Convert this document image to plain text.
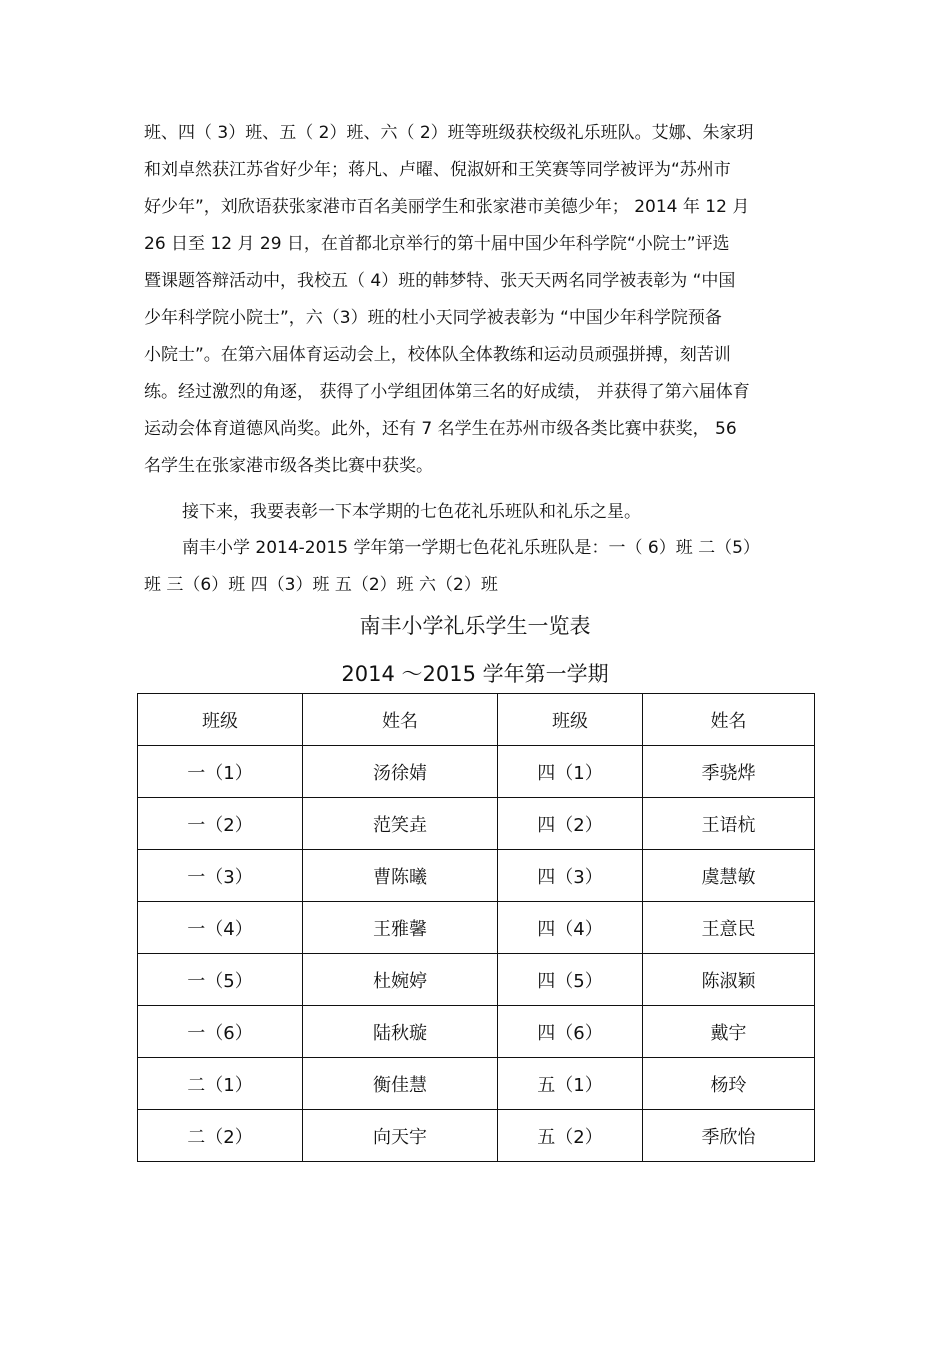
班、四（ 3）班、五（ 2）班、六（ 2）班等班级获校级礼乐班队。艾娜、朱家玥
和刘卓然获江苏省好少年；蒋凡、卢曜、倪淑妍和王笑赛等同学被评为“苏州市
好少年”，刘欣语获张家港市百名美丽学生和张家港市美德少年； 2014 年 12 月
26 日至 12 月 29 日，在首都北京举行的第十届中国少年科学院“小院士”评选
暨课题答辩活动中，我校五（ 4）班的韩梦特、张天天两名同学被表彰为 “中国
少年科学院小院士”，六（3）班的杜小天同学被表彰为 “中国少年科学院预备
小院士”。在第六届体育运动会上，校体队全体教练和运动员顽强拼搏，刻苦训
练。经过激烈的角逐， 获得了小学组团体第三名的好成绩， 并获得了第六届体育
运动会体育道德风尚奖。此外，还有 7 名学生在苏州市级各类比赛中获奖， 56
名学生在张家港市级各类比赛中获奖。
接下来，我要表彰一下本学期的七色花礼乐班队和礼乐之星。
南丰小学 2014-2015 学年第一学期七色花礼乐班队是：一（ 6）班 二（5）
班 三（6）班 四（3）班 五（2）班 六（2）班
南丰小学礼乐学生一览表
2014 ～2015 学年第一学期
班级	姓名	班级	姓名
一（1）	汤徐婧	四（1）	季骁烨
一（2）	范笑垚	四（2）	王语杭
一（3）	曹陈曦	四（3）	虞慧敏
一（4）	王雅馨	四（4）	王意民
一（5）	杜婉婷	四（5）	陈淑颖
一（6）	陆秋璇	四（6）	戴宇
二（1）	衡佳慧	五（1）	杨玲
二（2）	向天宇	五（2）	季欣怡
